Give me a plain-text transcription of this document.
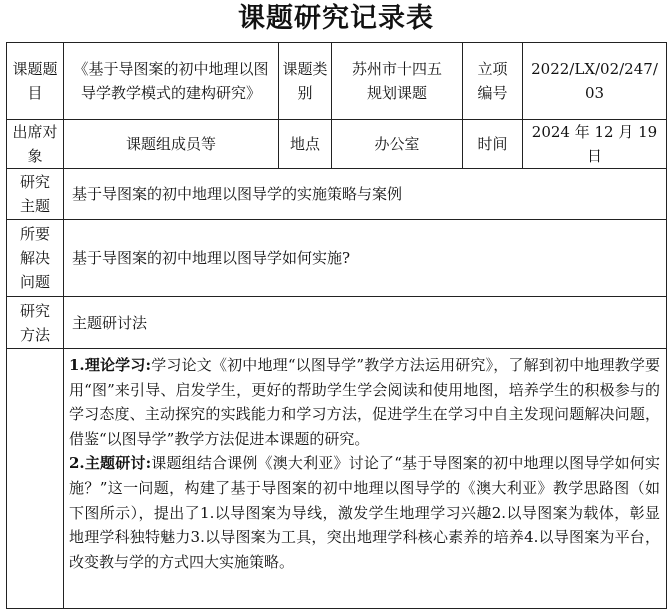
课题研究记录表
课题题目	《基于导图案的初中地理以图导学教学模式的建构研究》	课题类别	苏州市十四五规划课题	立项编号	2022/LX/02/247/03
出席对象	课题组成员等	地点	办公室	时间	2024 年 12 月 19 日
研究主题	基于导图案的初中地理以图导学的实施策略与案例				
所要解决问题	基于导图案的初中地理以图导学如何实施?				
研究方法	主题研讨法				

	1.理论学习:学习论文《初中地理“以图导学”教学方法运用研究》，了解到初中地理教学要用“图”来引导、启发学生，更好的帮助学生学会阅读和使用地图，培养学生的积极参与的学习态度、主动探究的实践能力和学习方法，促进学生在学习中自主发现问题解决问题，借鉴“以图导学”教学方法促进本课题的研究。

2.主题研讨:课题组结合课例《澳大利亚》讨论了“基于导图案的初中地理以图导学如何实施？”这一问题，构建了基于导图案的初中地理以图导学的《澳大利亚》教学思路图（如下图所示），提出了1.以导图案为导线，激发学生地理学习兴趣2.以导图案为载体，彰显地理学科独特魅力3.以导图案为工具，突出地理学科核心素养的培养4.以导图案为平台，改变教与学的方式四大实施策略。				
